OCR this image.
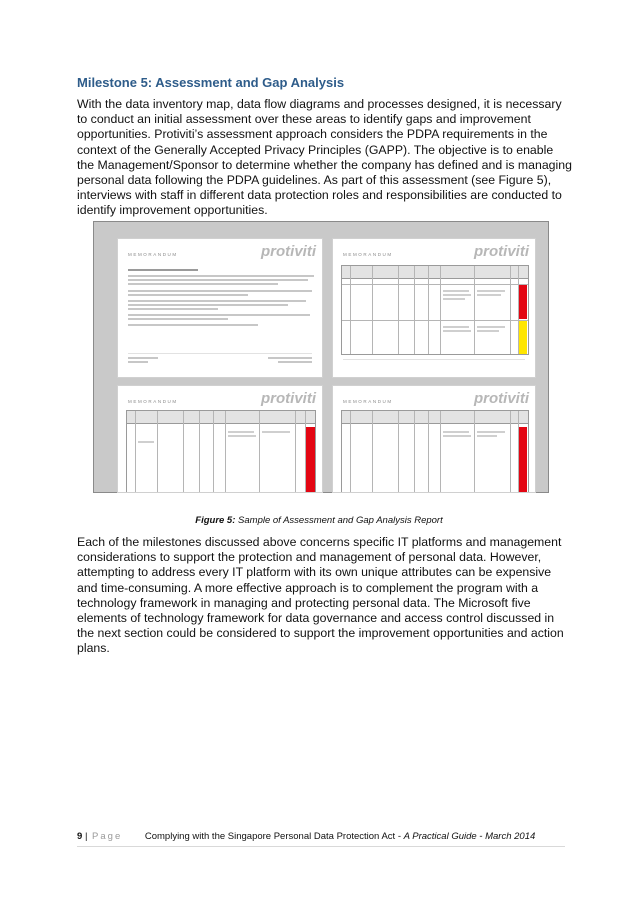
Milestone 5: Assessment and Gap Analysis
With the data inventory map, data flow diagrams and processes designed, it is necessary to conduct an initial assessment over these areas to identify gaps and improvement opportunities. Protiviti’s assessment approach considers the PDPA requirements in the context of the Generally Accepted Privacy Principles (GAPP). The objective is to enable the Management/Sponsor to determine whether the company has defined and is managing personal data following the PDPA guidelines. As part of this assessment (see Figure 5), interviews with staff in different data protection roles and responsibilities are conducted to identify improvement opportunities.
MEMORANDUM	protiviti	MEMORANDUM	protiviti
MEMORANDUM	protiviti	MEMORANDUM	protiviti
Figure 5: Sample of Assessment and Gap Analysis Report
Each of the milestones discussed above concerns specific IT platforms and management considerations to support the protection and management of personal data. However, attempting to address every IT platform with its own unique attributes can be expensive and time-consuming. A more effective approach is to complement the program with a technology framework in managing and protecting personal data. The Microsoft five elements of technology framework for data governance and access control discussed in the next section could be considered to support the improvement opportunities and action plans.
9 | Page Complying with the Singapore Personal Data Protection Act - A Practical Guide - March 2014
